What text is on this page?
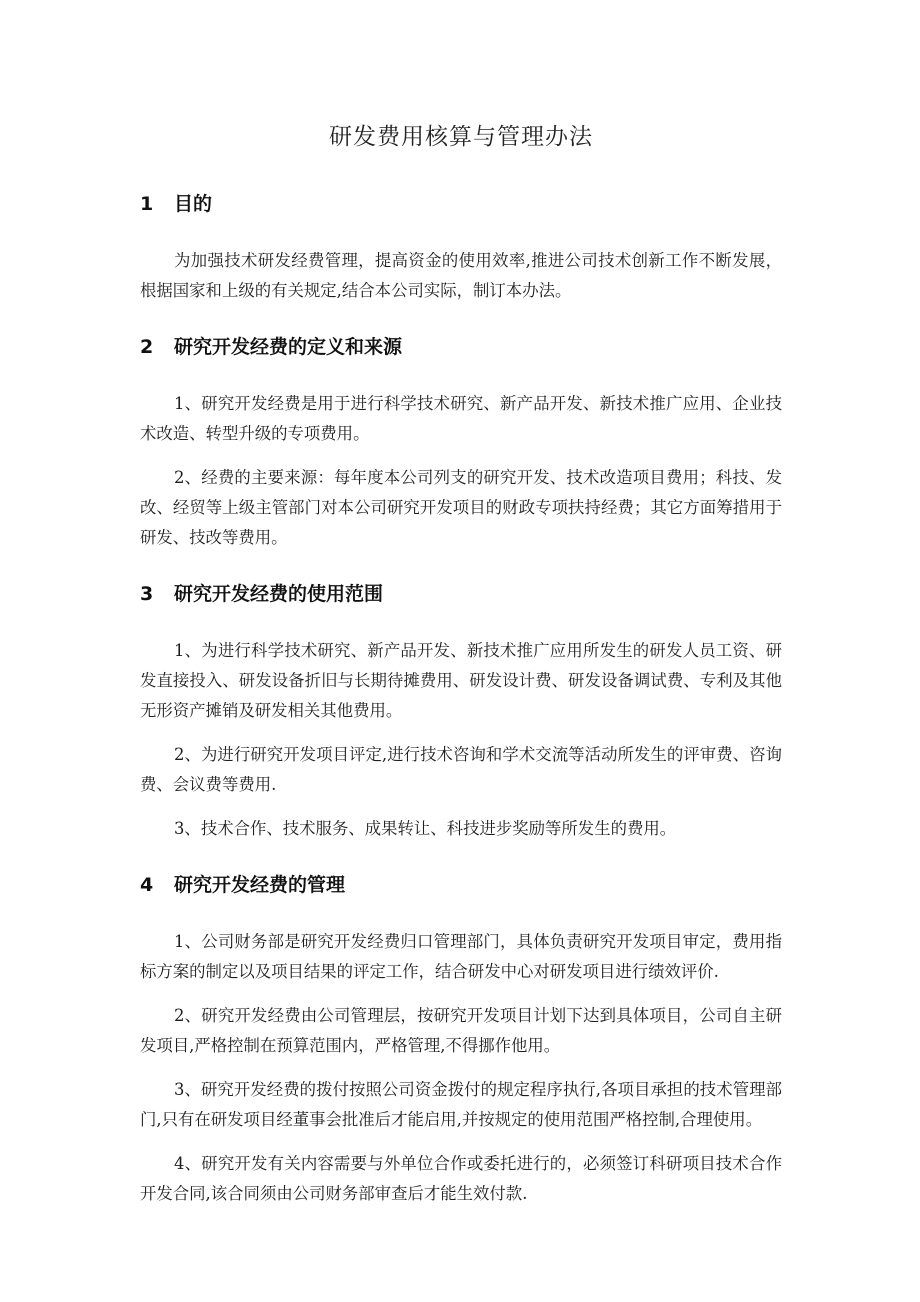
研发费用核算与管理办法
1	目的

为加强技术研发经费管理，提高资金的使用效率,推进公司技术创新工作不断发展，根据国家和上级的有关规定,结合本公司实际，制订本办法。

2	研究开发经费的定义和来源

1、研究开发经费是用于进行科学技术研究、新产品开发、新技术推广应用、企业技术改造、转型升级的专项费用。

2、经费的主要来源：每年度本公司列支的研究开发、技术改造项目费用；科技、发改、经贸等上级主管部门对本公司研究开发项目的财政专项扶持经费；其它方面筹措用于研发、技改等费用。

3	研究开发经费的使用范围

1、为进行科学技术研究、新产品开发、新技术推广应用所发生的研发人员工资、研发直接投入、研发设备折旧与长期待摊费用、研发设计费、研发设备调试费、专利及其他无形资产摊销及研发相关其他费用。

2、为进行研究开发项目评定,进行技术咨询和学术交流等活动所发生的评审费、咨询费、会议费等费用.

3、技术合作、技术服务、成果转让、科技进步奖励等所发生的费用。

4	研究开发经费的管理

1、公司财务部是研究开发经费归口管理部门，具体负责研究开发项目审定，费用指标方案的制定以及项目结果的评定工作，结合研发中心对研发项目进行绩效评价.

2、研究开发经费由公司管理层，按研究开发项目计划下达到具体项目，公司自主研发项目,严格控制在预算范围内，严格管理,不得挪作他用。

3、研究开发经费的拨付按照公司资金拨付的规定程序执行,各项目承担的技术管理部门,只有在研发项目经董事会批准后才能启用,并按规定的使用范围严格控制,合理使用。

4、研究开发有关内容需要与外单位合作或委托进行的，必须签订科研项目技术合作开发合同,该合同须由公司财务部审查后才能生效付款.
